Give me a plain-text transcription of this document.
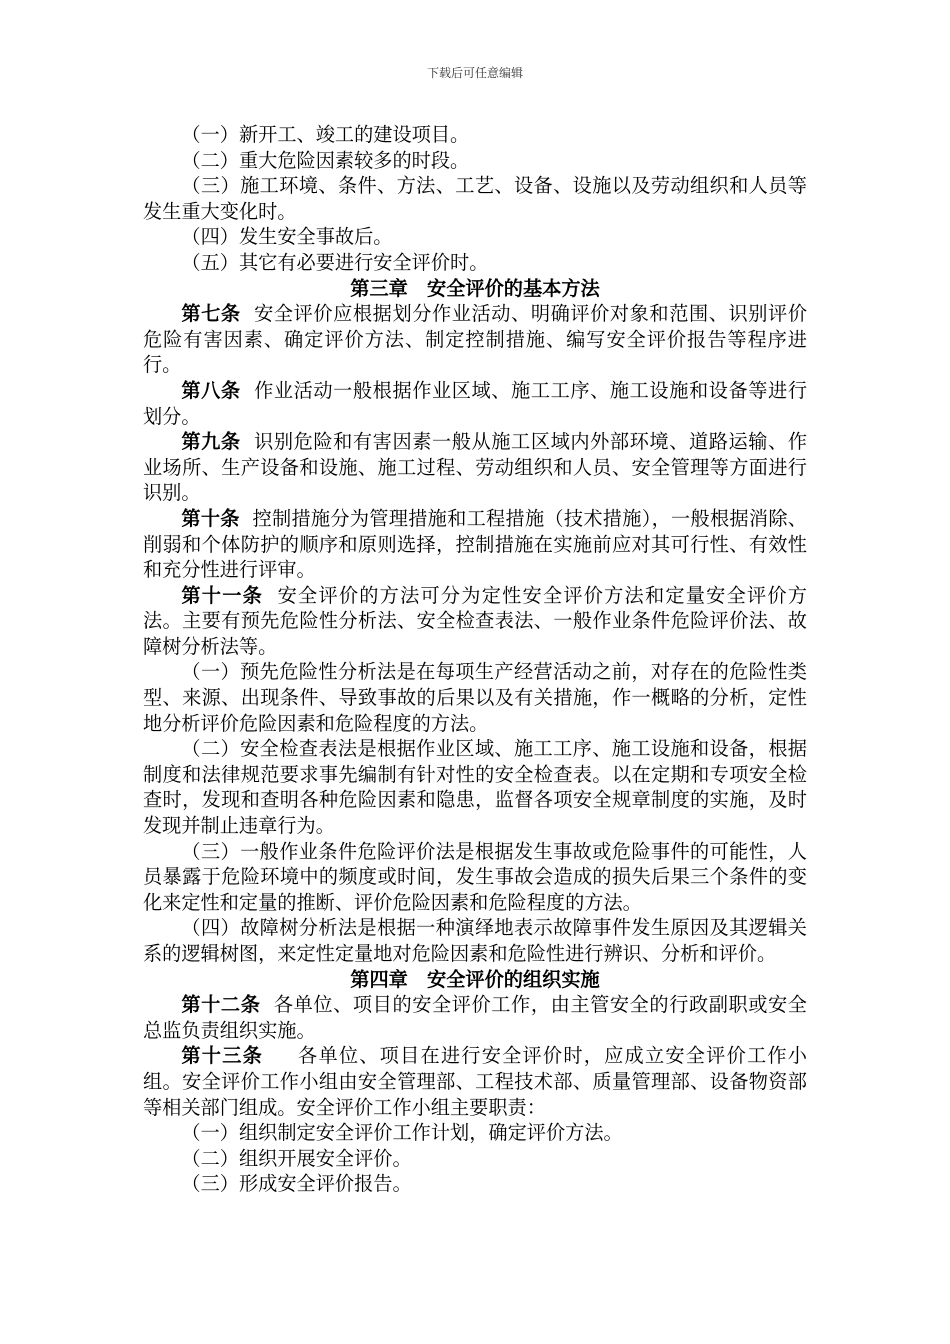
下载后可任意编辑

（一）新开工、竣工的建设项目。

（二）重大危险因素较多的时段。

（三）施工环境、条件、方法、工艺、设备、设施以及劳动组织和人员等发生重大变化时。

（四）发生安全事故后。

（五）其它有必要进行安全评价时。

第三章　安全评价的基本方法

第七条  安全评价应根据划分作业活动、明确评价对象和范围、识别评价危险有害因素、确定评价方法、制定控制措施、编写安全评价报告等程序进行。

第八条  作业活动一般根据作业区域、施工工序、施工设施和设备等进行划分。

第九条  识别危险和有害因素一般从施工区域内外部环境、道路运输、作业场所、生产设备和设施、施工过程、劳动组织和人员、安全管理等方面进行识别。

第十条  控制措施分为管理措施和工程措施（技术措施），一般根据消除、削弱和个体防护的顺序和原则选择，控制措施在实施前应对其可行性、有效性和充分性进行评审。

第十一条  安全评价的方法可分为定性安全评价方法和定量安全评价方法。主要有预先危险性分析法、安全检查表法、一般作业条件危险评价法、故障树分析法等。

（一）预先危险性分析法是在每项生产经营活动之前，对存在的危险性类型、来源、出现条件、导致事故的后果以及有关措施，作一概略的分析，定性地分析评价危险因素和危险程度的方法。

（二）安全检查表法是根据作业区域、施工工序、施工设施和设备，根据制度和法律规范要求事先编制有针对性的安全检查表。以在定期和专项安全检查时，发现和查明各种危险因素和隐患，监督各项安全规章制度的实施，及时发现并制止违章行为。

（三）一般作业条件危险评价法是根据发生事故或危险事件的可能性，人员暴露于危险环境中的频度或时间，发生事故会造成的损失后果三个条件的变化来定性和定量的推断、评价危险因素和危险程度的方法。

（四）故障树分析法是根据一种演绎地表示故障事件发生原因及其逻辑关系的逻辑树图，来定性定量地对危险因素和危险性进行辨识、分析和评价。

第四章　安全评价的组织实施

第十二条  各单位、项目的安全评价工作，由主管安全的行政副职或安全总监负责组织实施。

第十三条  　各单位、项目在进行安全评价时，应成立安全评价工作小组。安全评价工作小组由安全管理部、工程技术部、质量管理部、设备物资部等相关部门组成。安全评价工作小组主要职责：

（一）组织制定安全评价工作计划，确定评价方法。

（二）组织开展安全评价。

（三）形成安全评价报告。
